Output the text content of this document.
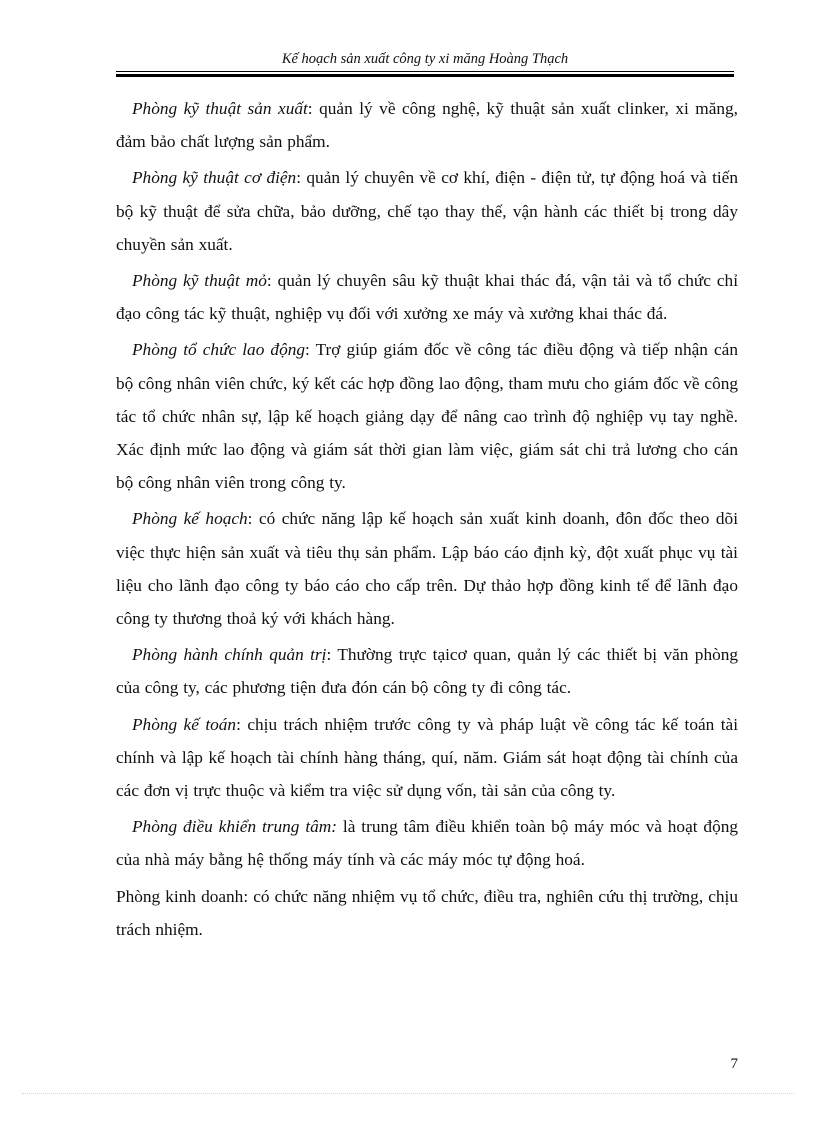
Kế hoạch sản xuất công ty xi măng Hoàng Thạch

Phòng kỹ thuật sản xuất: quản lý về công nghệ, kỹ thuật sản xuất clinker, xi măng, đảm bảo chất lượng sản phẩm.

Phòng kỹ thuật cơ điện: quản lý chuyên về cơ khí, điện - điện tử, tự động hoá và tiến bộ kỹ thuật để sửa chữa, bảo dưỡng, chế tạo thay thế, vận hành các thiết bị trong dây chuyền sản xuất.

Phòng kỹ thuật mỏ: quản lý chuyên sâu kỹ thuật khai thác đá, vận tải và tổ chức chỉ đạo công tác kỹ thuật, nghiệp vụ đối với xưởng xe máy và xưởng khai thác đá.

Phòng tổ chức lao động: Trợ giúp giám đốc về công tác điều động và tiếp nhận cán bộ công nhân viên chức, ký kết các hợp đồng lao động, tham mưu cho giám đốc về công tác tổ chức nhân sự, lập kế hoạch giảng dạy để nâng cao trình độ nghiệp vụ tay nghề. Xác định mức lao động và giám sát thời gian làm việc, giám sát chi trả lương cho cán bộ công nhân viên trong công ty.

Phòng kế hoạch: có chức năng lập kế hoạch sản xuất kinh doanh, đôn đốc theo dõi việc thực hiện sản xuất và tiêu thụ sản phẩm. Lập báo cáo định kỳ, đột xuất phục vụ tài liệu cho lãnh đạo công ty báo cáo cho cấp trên. Dự thảo hợp đồng kinh tế để lãnh đạo công ty thương thoả ký với khách hàng.

Phòng hành chính quản trị: Thường trực tạicơ quan, quản lý các thiết bị văn phòng của công ty, các phương tiện đưa đón cán bộ công ty đi công tác.

Phòng kế toán: chịu trách nhiệm trước công ty và pháp luật về công tác kế toán tài chính và lập kế hoạch tài chính hàng tháng, quí, năm. Giám sát hoạt động tài chính của các đơn vị trực thuộc và kiểm tra việc sử dụng vốn, tài sản của công ty.

Phòng điều khiển trung tâm: là trung tâm điều khiển toàn bộ máy móc và hoạt động của nhà máy bằng hệ thống máy tính và các máy móc tự động hoá.

Phòng kinh doanh: có chức năng nhiệm vụ tổ chức, điều tra, nghiên cứu thị trường, chịu trách nhiệm.

7
